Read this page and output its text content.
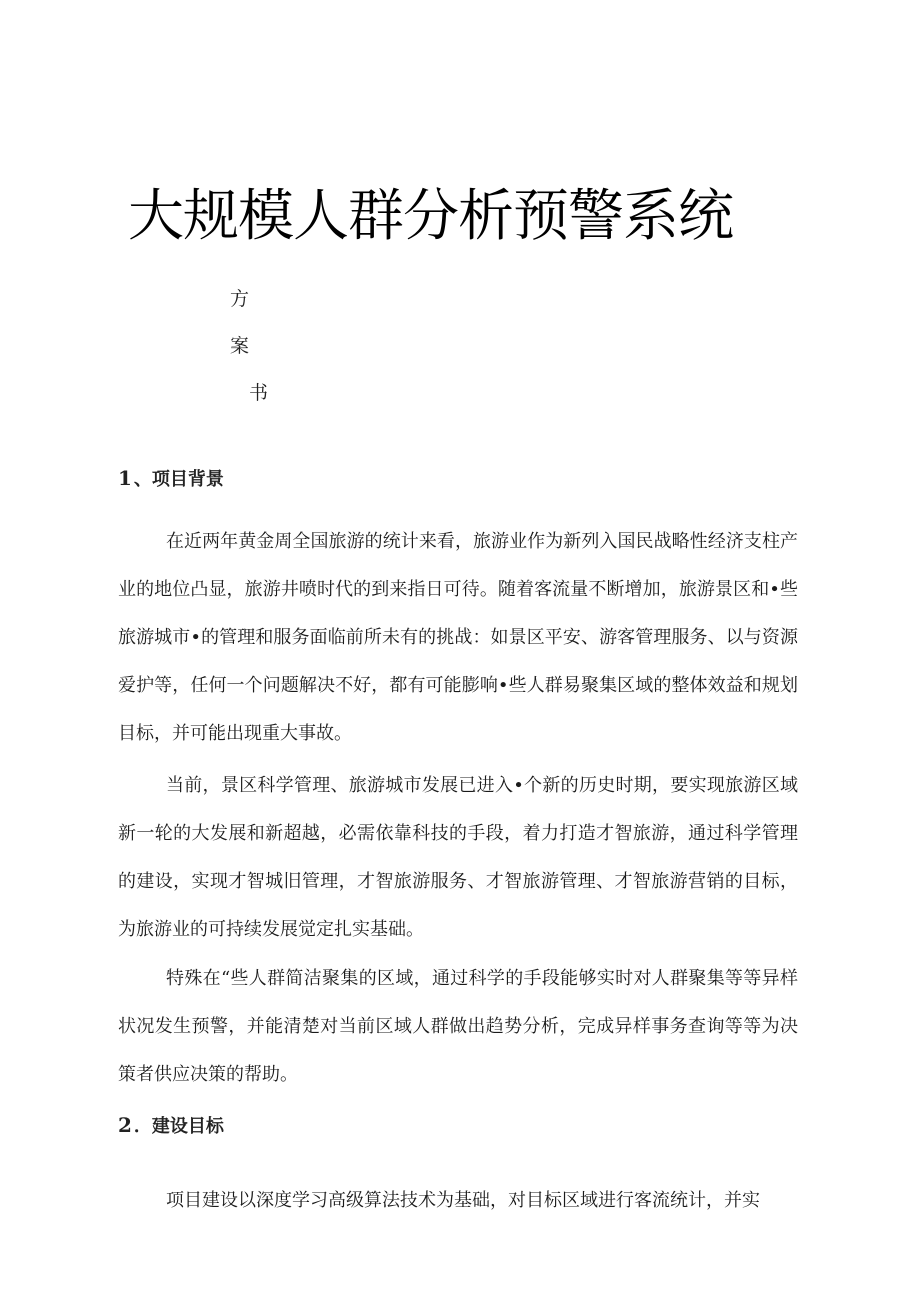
大规模人群分析预警系统
方
案
书
1 、项目背景

在近两年黄金周全国旅游的统计来看，旅游业作为新列入国民战略性经济支柱产业的地位凸显，旅游井喷时代的到来指日可待。随着客流量不断增加，旅游景区和•些旅游城市•的管理和服务面临前所未有的挑战：如景区平安、游客管理服务、以与资源爱护等，任何一个问题解决不好，都有可能膨响•些人群易聚集区域的整体效益和规划目标，并可能出现重大事故。

当前，景区科学管理、旅游城市发展已进入•个新的历史时期，要实现旅游区域新一轮的大发展和新超越，必需依靠科技的手段，着力打造才智旅游，通过科学管理的建设，实现才智城旧管理，才智旅游服务、才智旅游管理、才智旅游营销的目标，为旅游业的可持续发展觉定扎实基础。

特殊在“些人群简洁聚集的区域，通过科学的手段能够实时对人群聚集等等异样状况发生预警，并能清楚对当前区域人群做出趋势分析，完成异样事务查询等等为决策者供应决策的帮助。

2 ．建设目标

项目建设以深度学习高级算法技术为基础，对目标区域进行客流统计，并实
